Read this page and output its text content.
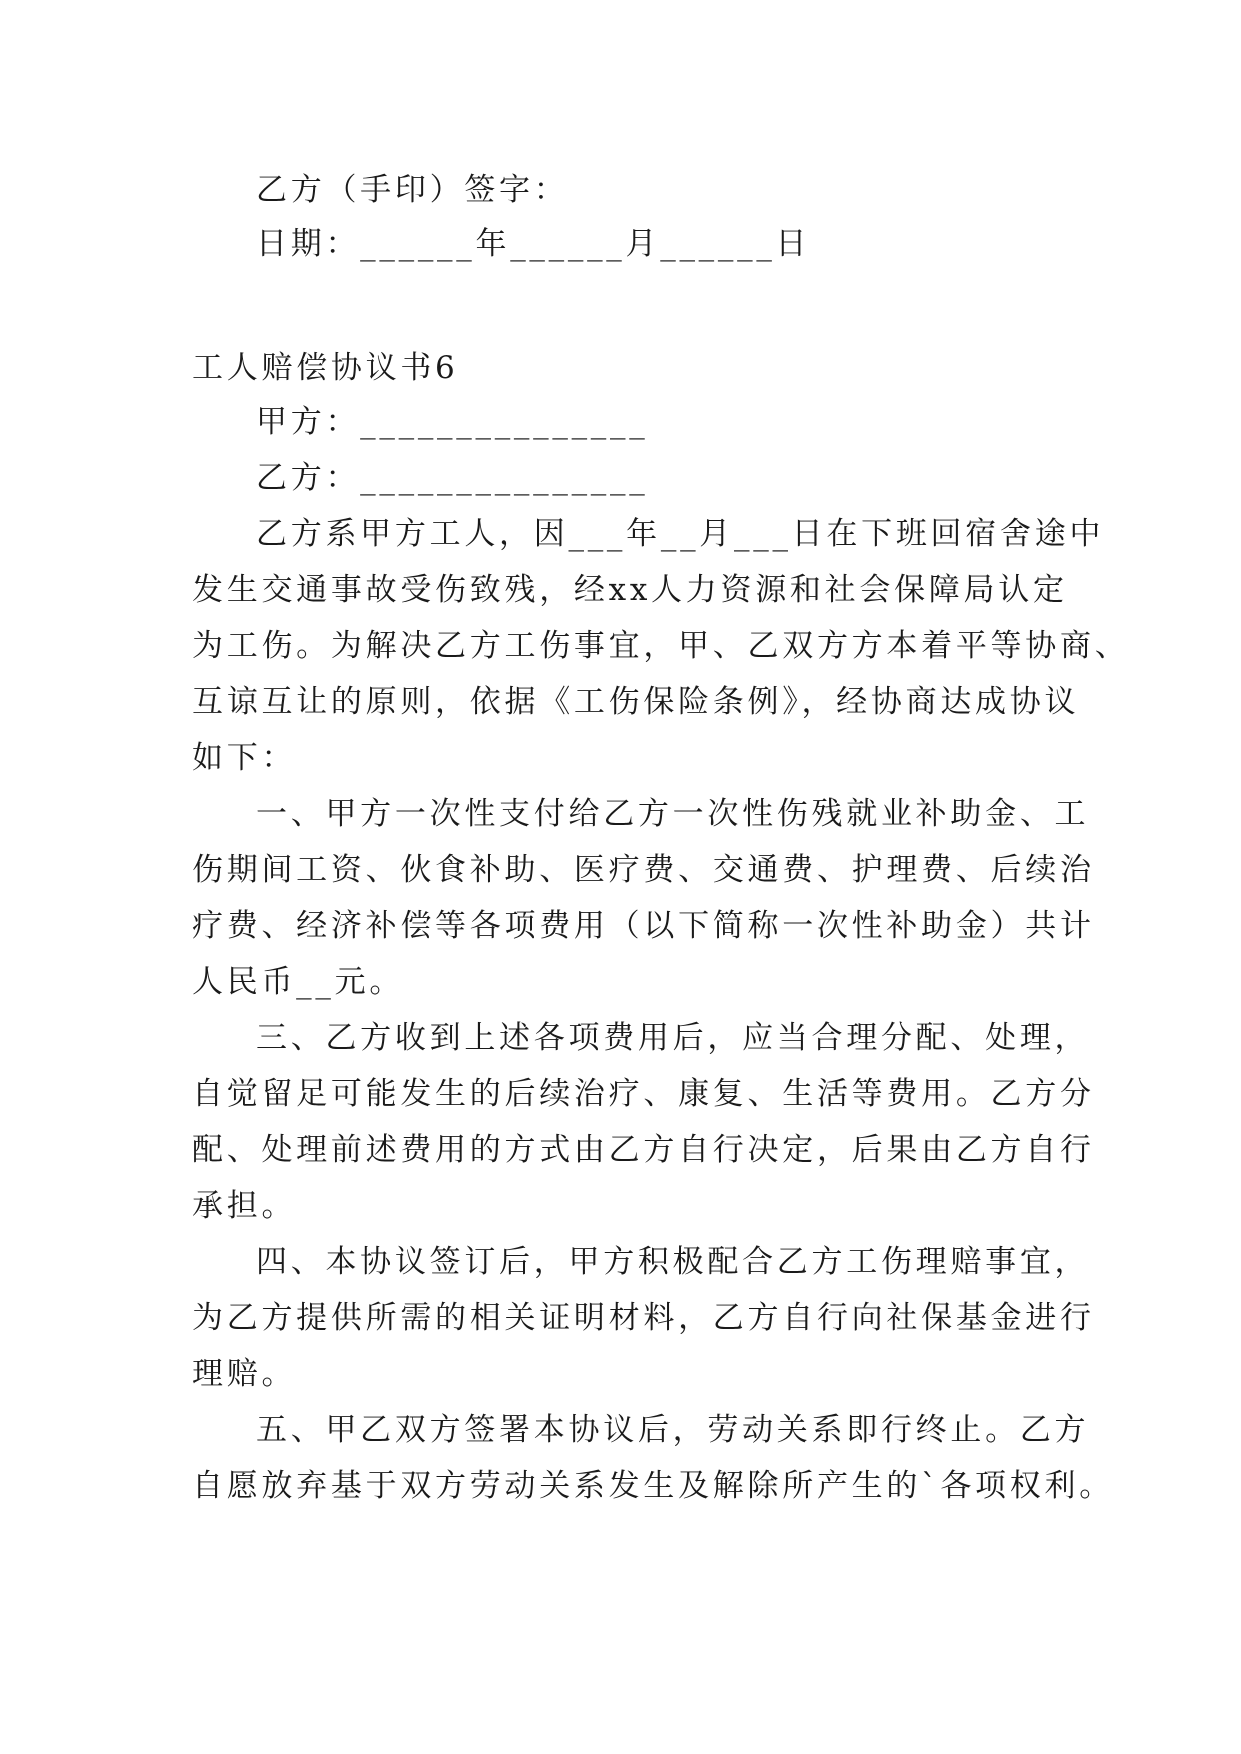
乙方（手印）签字：
日期：______年______月______日
工人赔偿协议书6
甲方：_______________
乙方：_______________
乙方系甲方工人，因___年__月___日在下班回宿舍途中
发生交通事故受伤致残，经xx人力资源和社会保障局认定
为工伤。为解决乙方工伤事宜，甲、乙双方方本着平等协商、
互谅互让的原则，依据《工伤保险条例》，经协商达成协议
如下：
一、甲方一次性支付给乙方一次性伤残就业补助金、工
伤期间工资、伙食补助、医疗费、交通费、护理费、后续治
疗费、经济补偿等各项费用（以下简称一次性补助金）共计
人民币__元。
三、乙方收到上述各项费用后，应当合理分配、处理，
自觉留足可能发生的后续治疗、康复、生活等费用。乙方分
配、处理前述费用的方式由乙方自行决定，后果由乙方自行
承担。
四、本协议签订后，甲方积极配合乙方工伤理赔事宜，
为乙方提供所需的相关证明材料，乙方自行向社保基金进行
理赔。
五、甲乙双方签署本协议后，劳动关系即行终止。乙方
自愿放弃基于双方劳动关系发生及解除所产生的`各项权利。
